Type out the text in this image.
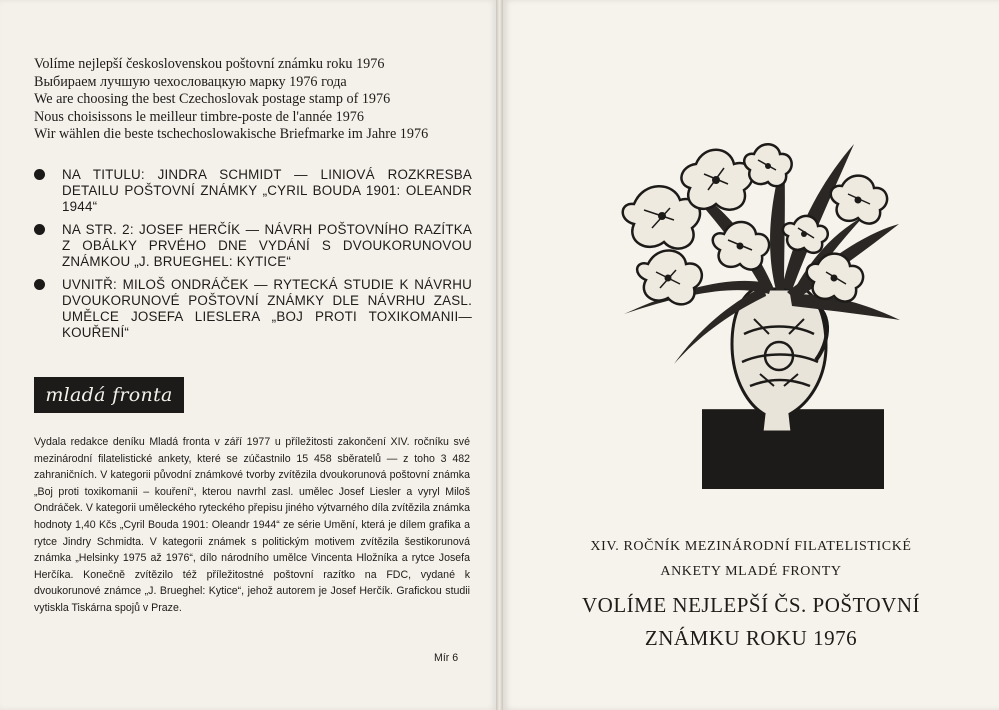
Volíme nejlepší československou poštovní známku roku 1976
Выбираем лучшую чехословацкую марку 1976 года
We are choosing the best Czechoslovak postage stamp of 1976
Nous choisissons le meilleur timbre-poste de l'année 1976
Wir wählen die beste tschechoslowakische Briefmarke im Jahre 1976
NA TITULU: JINDRA SCHMIDT — LINIOVÁ ROZKRESBA DETAILU POŠTOVNÍ ZNÁMKY „CYRIL BOUDA 1901: OLEANDR 1944“
NA STR. 2: JOSEF HERČÍK — NÁVRH POŠTOVNÍHO RAZÍTKA Z OBÁLKY PRVÉHO DNE VYDÁNÍ S DVOUKORUNOVOU ZNÁMKOU „J. BRUEGHEL: KYTICE“
UVNITŘ: MILOŠ ONDRÁČEK — RYTECKÁ STUDIE K NÁVRHU DVOUKORUNOVÉ POŠTOVNÍ ZNÁMKY DLE NÁVRHU ZASL. UMĚLCE JOSEFA LIESLERA „BOJ PROTI TOXIKOMANII—KOUŘENÍ“
mladá fronta
Vydala redakce deníku Mladá fronta v září 1977 u příležitosti zakončení XIV. ročníku své mezinárodní filatelistické ankety, které se zúčastnilo 15 458 sběratelů — z toho 3 482 zahraničních. V kategorii původní známkové tvorby zvítězila dvoukorunová poštovní známka „Boj proti toxikomanii – kouření“, kterou navrhl zasl. umělec Josef Liesler a vyryl Miloš Ondráček. V kategorii uměleckého ryteckého přepisu jiného výtvarného díla zvítězila známka hodnoty 1,40 Kčs „Cyril Bouda 1901: Oleandr 1944“ ze série Umění, která je dílem grafika a rytce Jindry Schmidta. V kategorii známek s politickým motivem zvítězila šestikorunová známka „Helsinky 1975 až 1976“, dílo národního umělce Vincenta Hložníka a rytce Josefa Herčíka. Konečně zvítězilo též příležitostné poštovní razítko na FDC, vydané k dvoukorunové známce „J. Brueghel: Kytice“, jehož autorem je Josef Herčík. Grafickou studii vytiskla Tiskárna spojů v Praze.
Mír 6
XIV. ROČNÍK MEZINÁRODNÍ FILATELISTICKÉ
ANKETY MLADÉ FRONTY
VOLÍME NEJLEPŠÍ ČS. POŠTOVNÍ
ZNÁMKU ROKU 1976
